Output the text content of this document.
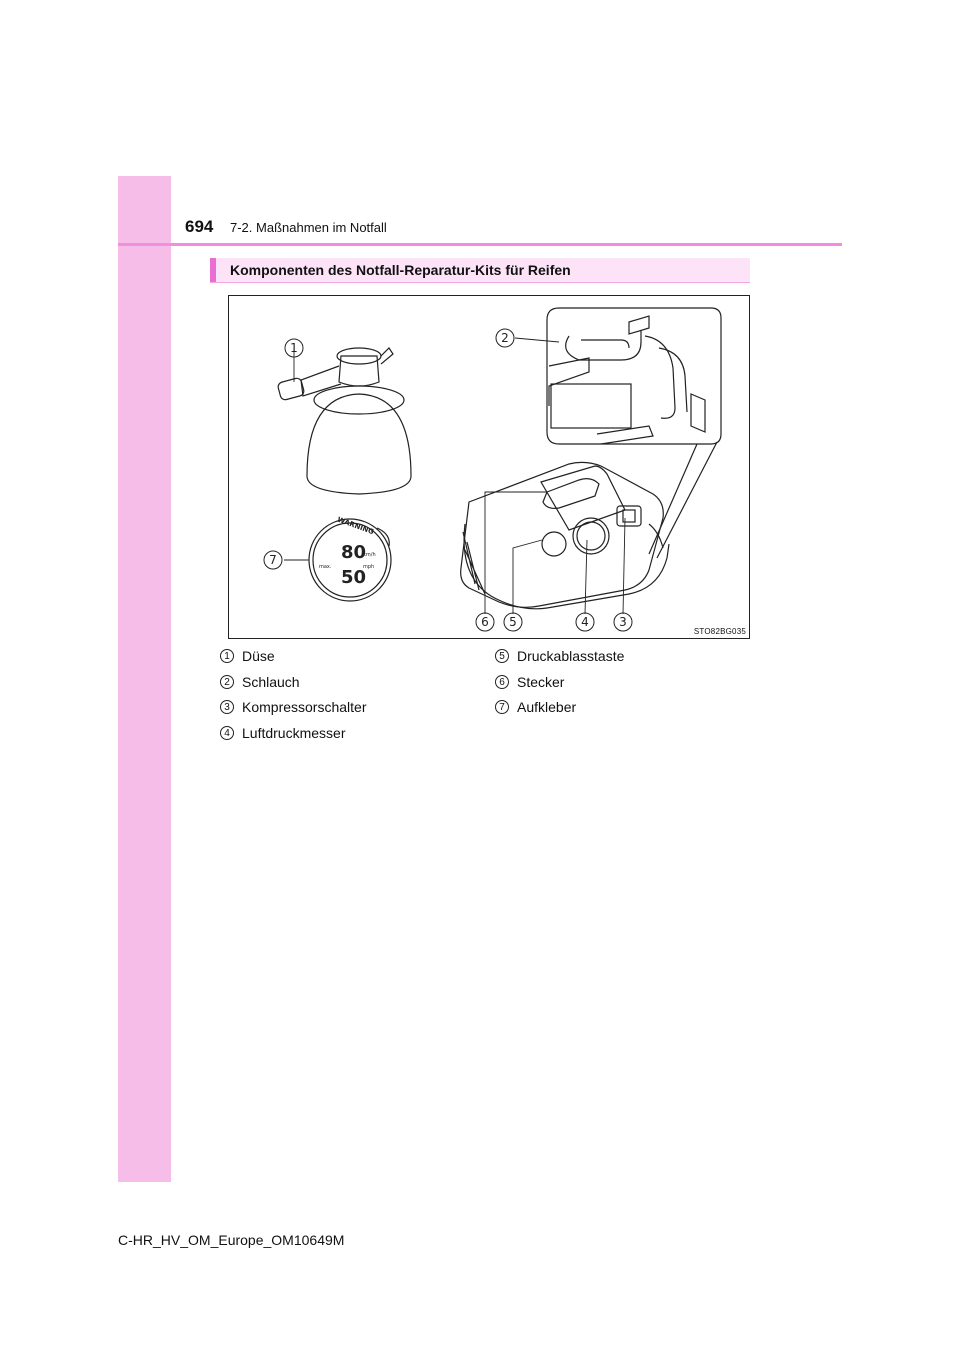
694 7-2. Maßnahmen im Notfall
Komponenten des Notfall-Reparatur-Kits für Reifen
WARNING
80
50
km/h
mph
max.
1
2
3
4
5
6
7
STO82BG035
1 Düse
2 Schlauch
3 Kompressorschalter
4 Luftdruckmesser
5 Druckablasstaste
6 Stecker
7 Aufkleber
C-HR_HV_OM_Europe_OM10649M
